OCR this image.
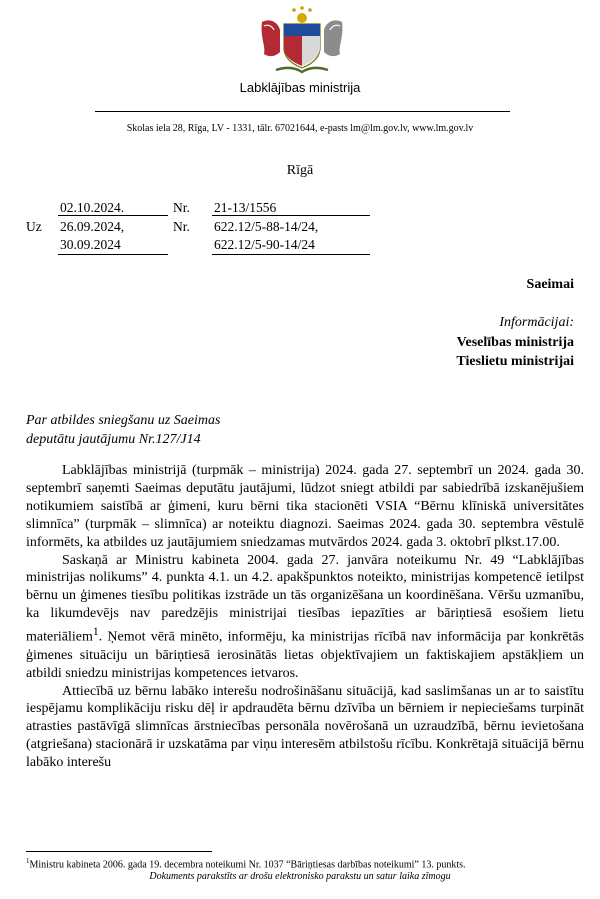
Labklājības ministrija
Skolas iela 28, Rīga, LV - 1331, tālr. 67021644, e-pasts lm@lm.gov.lv, www.lm.gov.lv
Rīgā
02.10.2024.	Nr. 21-13/1556
Uz 26.09.2024,	Nr. 622.12/5-88-14/24,
30.09.2024	622.12/5-90-14/24
Saeimai
Informācijai:
Veselības ministrija
Tieslietu ministrijai
Par atbildes sniegšanu uz Saeimas
deputātu jautājumu Nr.127/J14

Labklājības ministrijā (turpmāk – ministrija) 2024. gada 27. septembrī un 2024. gada 30. septembrī saņemti Saeimas deputātu jautājumi, lūdzot sniegt atbildi par sabiedrībā izskanējušiem notikumiem saistībā ar ģimeni, kuru bērni tika stacionēti VSIA “Bērnu klīniskā universitātes slimnīca” (turpmāk – slimnīca) ar noteiktu diagnozi. Saeimas 2024. gada 30. septembra vēstulē informēts, ka atbildes uz jautājumiem sniedzamas mutvārdos 2024. gada 3. oktobrī plkst.17.00.

Saskaņā ar Ministru kabineta 2004. gada 27. janvāra noteikumu Nr. 49 “Labklājības ministrijas nolikums” 4. punkta 4.1. un 4.2. apakšpunktos noteikto, ministrijas kompetencē ietilpst bērnu un ģimenes tiesību politikas izstrāde un tās organizēšana un koordinēšana. Vēršu uzmanību, ka likumdevējs nav paredzējis ministrijai tiesības iepazīties ar bāriņtiesā esošiem lietu materiāliem$^1$. Ņemot vērā minēto, informēju, ka ministrijas rīcībā nav informācija par konkrētās ģimenes situāciju un bāriņtiesā ierosinātās lietas objektīvajiem un faktiskajiem apstākļiem un atbildi sniedzu ministrijas kompetences ietvaros.

Attiecībā uz bērnu labāko interešu nodrošināšanu situācijā, kad saslimšanas un ar to saistītu iespējamu komplikāciju risku dēļ ir apdraudēta bērnu dzīvība un bērniem ir nepieciešams turpināt atrasties pastāvīgā slimnīcas ārstniecības personāla novērošanā un uzraudzībā, bērnu ievietošana (atgriešana) stacionārā ir uzskatāma par viņu interesēm atbilstošu rīcību. Konkrētajā situācijā bērnu labāko interešu

$^1$Ministru kabineta 2006. gada 19. decembra noteikumi Nr. 1037 “Bāriņtiesas darbības noteikumi” 13. punkts.
Dokuments parakstīts ar drošu elektronisko parakstu un satur laika zīmogu
